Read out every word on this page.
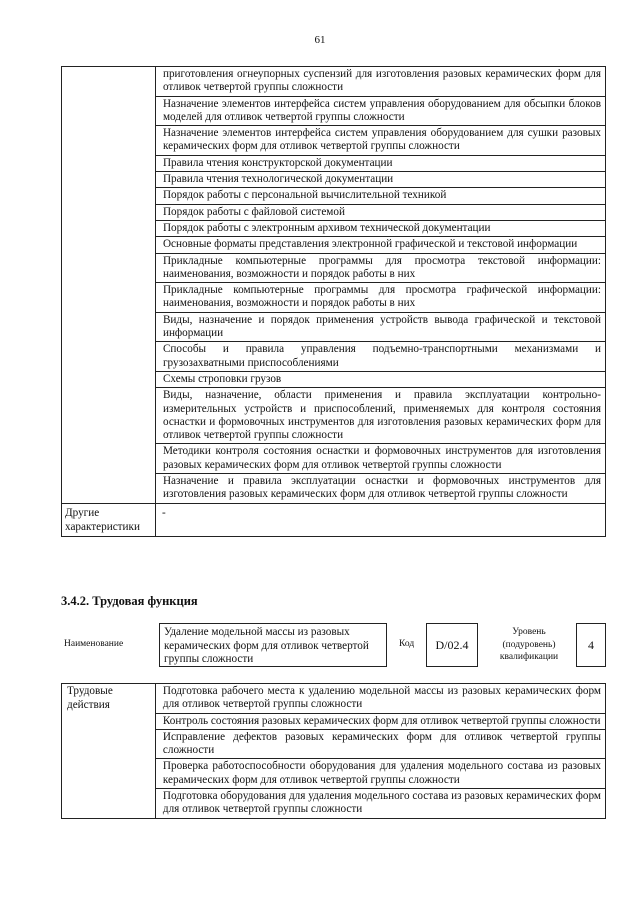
61
	приготовления огнеупорных суспензий для изготовления разовых керамических форм для отливок четвертой группы сложности
	Назначение элементов интерфейса систем управления оборудованием для обсыпки блоков моделей для отливок четвертой группы сложности
	Назначение элементов интерфейса систем управления оборудованием для сушки разовых керамических форм для отливок четвертой группы сложности
	Правила чтения конструкторской документации
	Правила чтения технологической документации
	Порядок работы с персональной вычислительной техникой
	Порядок работы с файловой системой
	Порядок работы с электронным архивом технической документации
	Основные форматы представления электронной графической и текстовой информации
	Прикладные компьютерные программы для просмотра текстовой информации: наименования, возможности и порядок работы в них
	Прикладные компьютерные программы для просмотра графической информации: наименования, возможности и порядок работы в них
	Виды, назначение и порядок применения устройств вывода графической и текстовой информации
	Способы и правила управления подъемно-транспортными механизмами и грузозахватными приспособлениями
	Схемы строповки грузов
	Виды, назначение, области применения и правила эксплуатации контрольно-измерительных устройств и приспособлений, применяемых для контроля состояния оснастки и формовочных инструментов для изготовления разовых керамических форм для отливок четвертой группы сложности
	Методики контроля состояния оснастки и формовочных инструментов для изготовления разовых керамических форм для отливок четвертой группы сложности
	Назначение и правила эксплуатации оснастки и формовочных инструментов для изготовления разовых керамических форм для отливок четвертой группы сложности
Другие характеристики	-
3.4.2. Трудовая функция
Наименование
Удаление модельной массы из разовых керамических форм для отливок четвертой группы сложности
Код	D/02.4
Уровень (подуровень) квалификации
4
Трудовые действия	Подготовка рабочего места к удалению модельной массы из разовых керамических форм для отливок четвертой группы сложности
Контроль состояния разовых керамических форм для отливок четвертой группы сложности
Исправление дефектов разовых керамических форм для отливок четвертой группы сложности
Проверка работоспособности оборудования для удаления модельного состава из разовых керамических форм для отливок четвертой группы сложности
Подготовка оборудования для удаления модельного состава из разовых керамических форм для отливок четвертой группы сложности
